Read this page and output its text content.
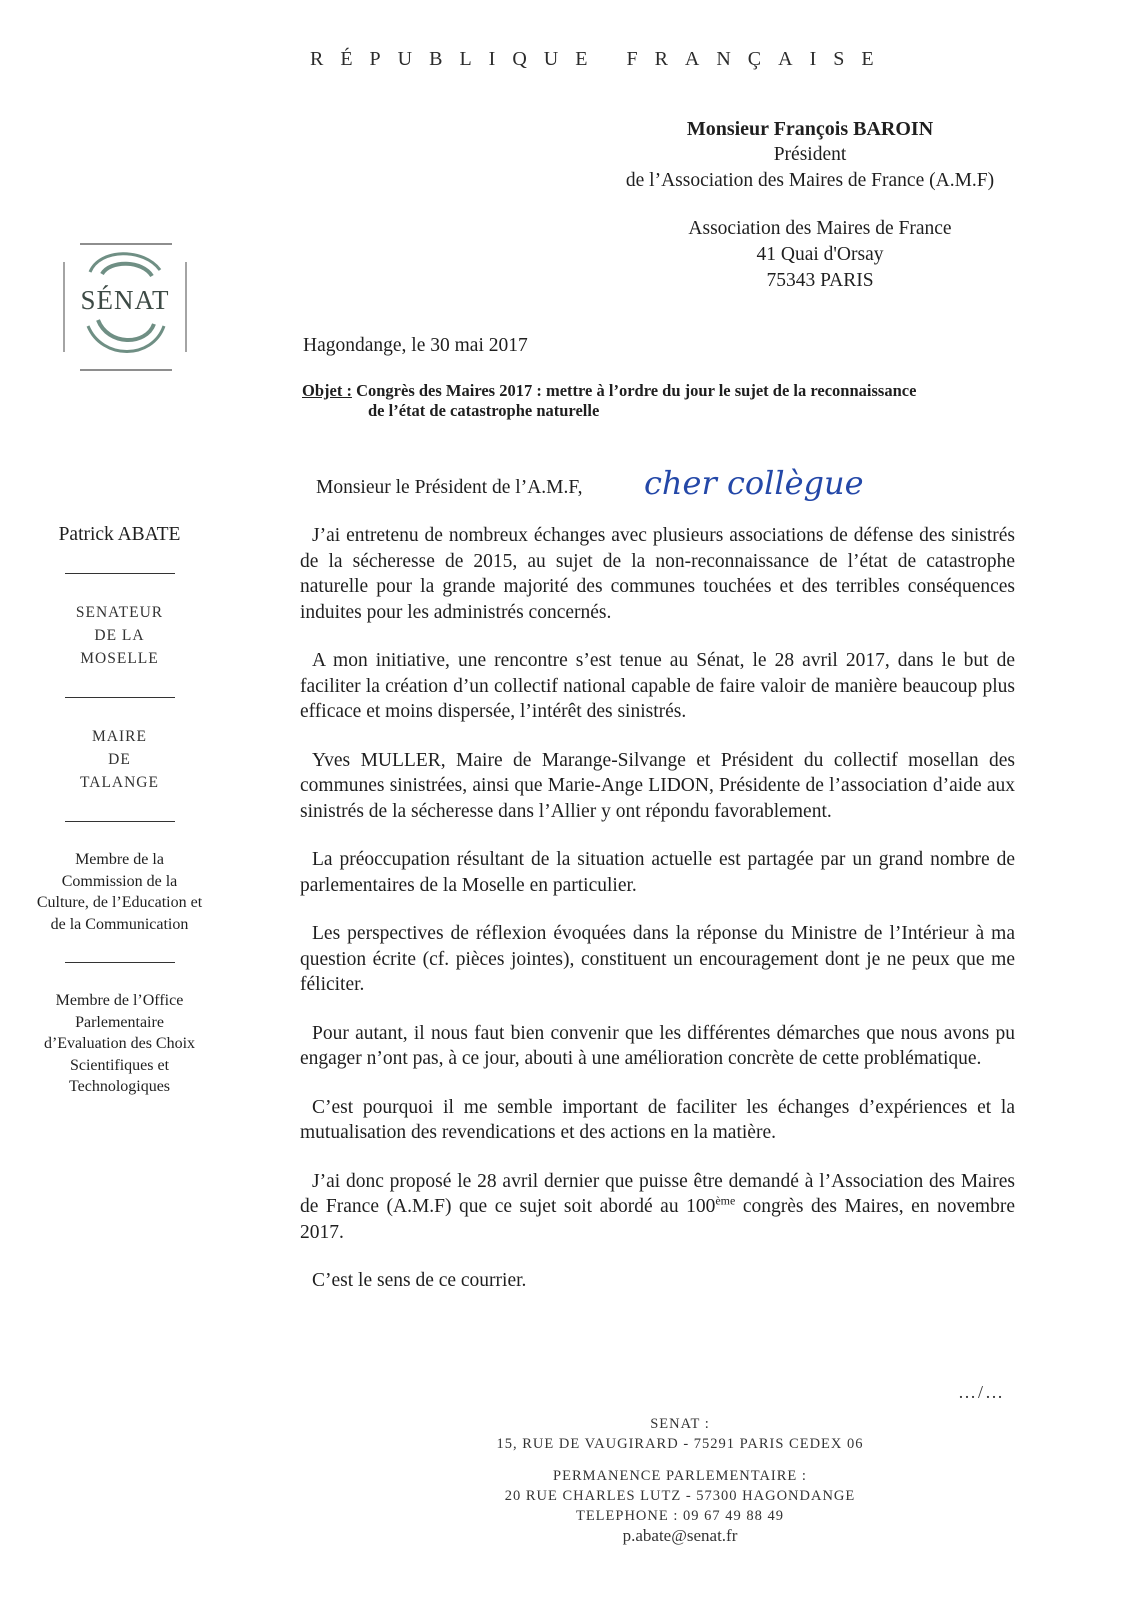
RÉPUBLIQUE FRANÇAISE
Monsieur François BAROIN
Président
de l’Association des Maires de France (A.M.F)
Association des Maires de France
41 Quai d'Orsay
75343 PARIS
SÉNAT
Hagondange, le 30 mai 2017
Objet : Congrès des Maires 2017 : mettre à l’ordre du jour le sujet de la reconnaissance
de l’état de catastrophe naturelle
Monsieur le Président de l’A.M.F, cher collègue

J’ai entretenu de nombreux échanges avec plusieurs associations de défense des sinistrés de la sécheresse de 2015, au sujet de la non-reconnaissance de l’état de catastrophe naturelle pour la grande majorité des communes touchées et des terribles conséquences induites pour les administrés concernés.

A mon initiative, une rencontre s’est tenue au Sénat, le 28 avril 2017, dans le but de faciliter la création d’un collectif national capable de faire valoir de manière beaucoup plus efficace et moins dispersée, l’intérêt des sinistrés.

Yves MULLER, Maire de Marange-Silvange et Président du collectif mosellan des communes sinistrées, ainsi que Marie-Ange LIDON, Présidente de l’association d’aide aux sinistrés de la sécheresse dans l’Allier y ont répondu favorablement.

La préoccupation résultant de la situation actuelle est partagée par un grand nombre de parlementaires de la Moselle en particulier.

Les perspectives de réflexion évoquées dans la réponse du Ministre de l’Intérieur à ma question écrite (cf. pièces jointes), constituent un encouragement dont je ne peux que me féliciter.

Pour autant, il nous faut bien convenir que les différentes démarches que nous avons pu engager n’ont pas, à ce jour, abouti à une amélioration concrète de cette problématique.

C’est pourquoi il me semble important de faciliter les échanges d’expériences et la mutualisation des revendications et des actions en la matière.

J’ai donc proposé le 28 avril dernier que puisse être demandé à l’Association des Maires de France (A.M.F) que ce sujet soit abordé au 100ème congrès des Maires, en novembre 2017.

C’est le sens de ce courrier.

…/…
Patrick ABATE
SENATEUR
DE LA
MOSELLE
MAIRE
DE
TALANGE
Membre de la
Commission de la
Culture, de l’Education et
de la Communication
Membre de l’Office
Parlementaire
d’Evaluation des Choix
Scientifiques et
Technologiques
SENAT :
15, RUE DE VAUGIRARD - 75291 PARIS CEDEX 06
PERMANENCE PARLEMENTAIRE :
20 RUE CHARLES LUTZ - 57300 HAGONDANGE
TELEPHONE : 09 67 49 88 49
p.abate@senat.fr
